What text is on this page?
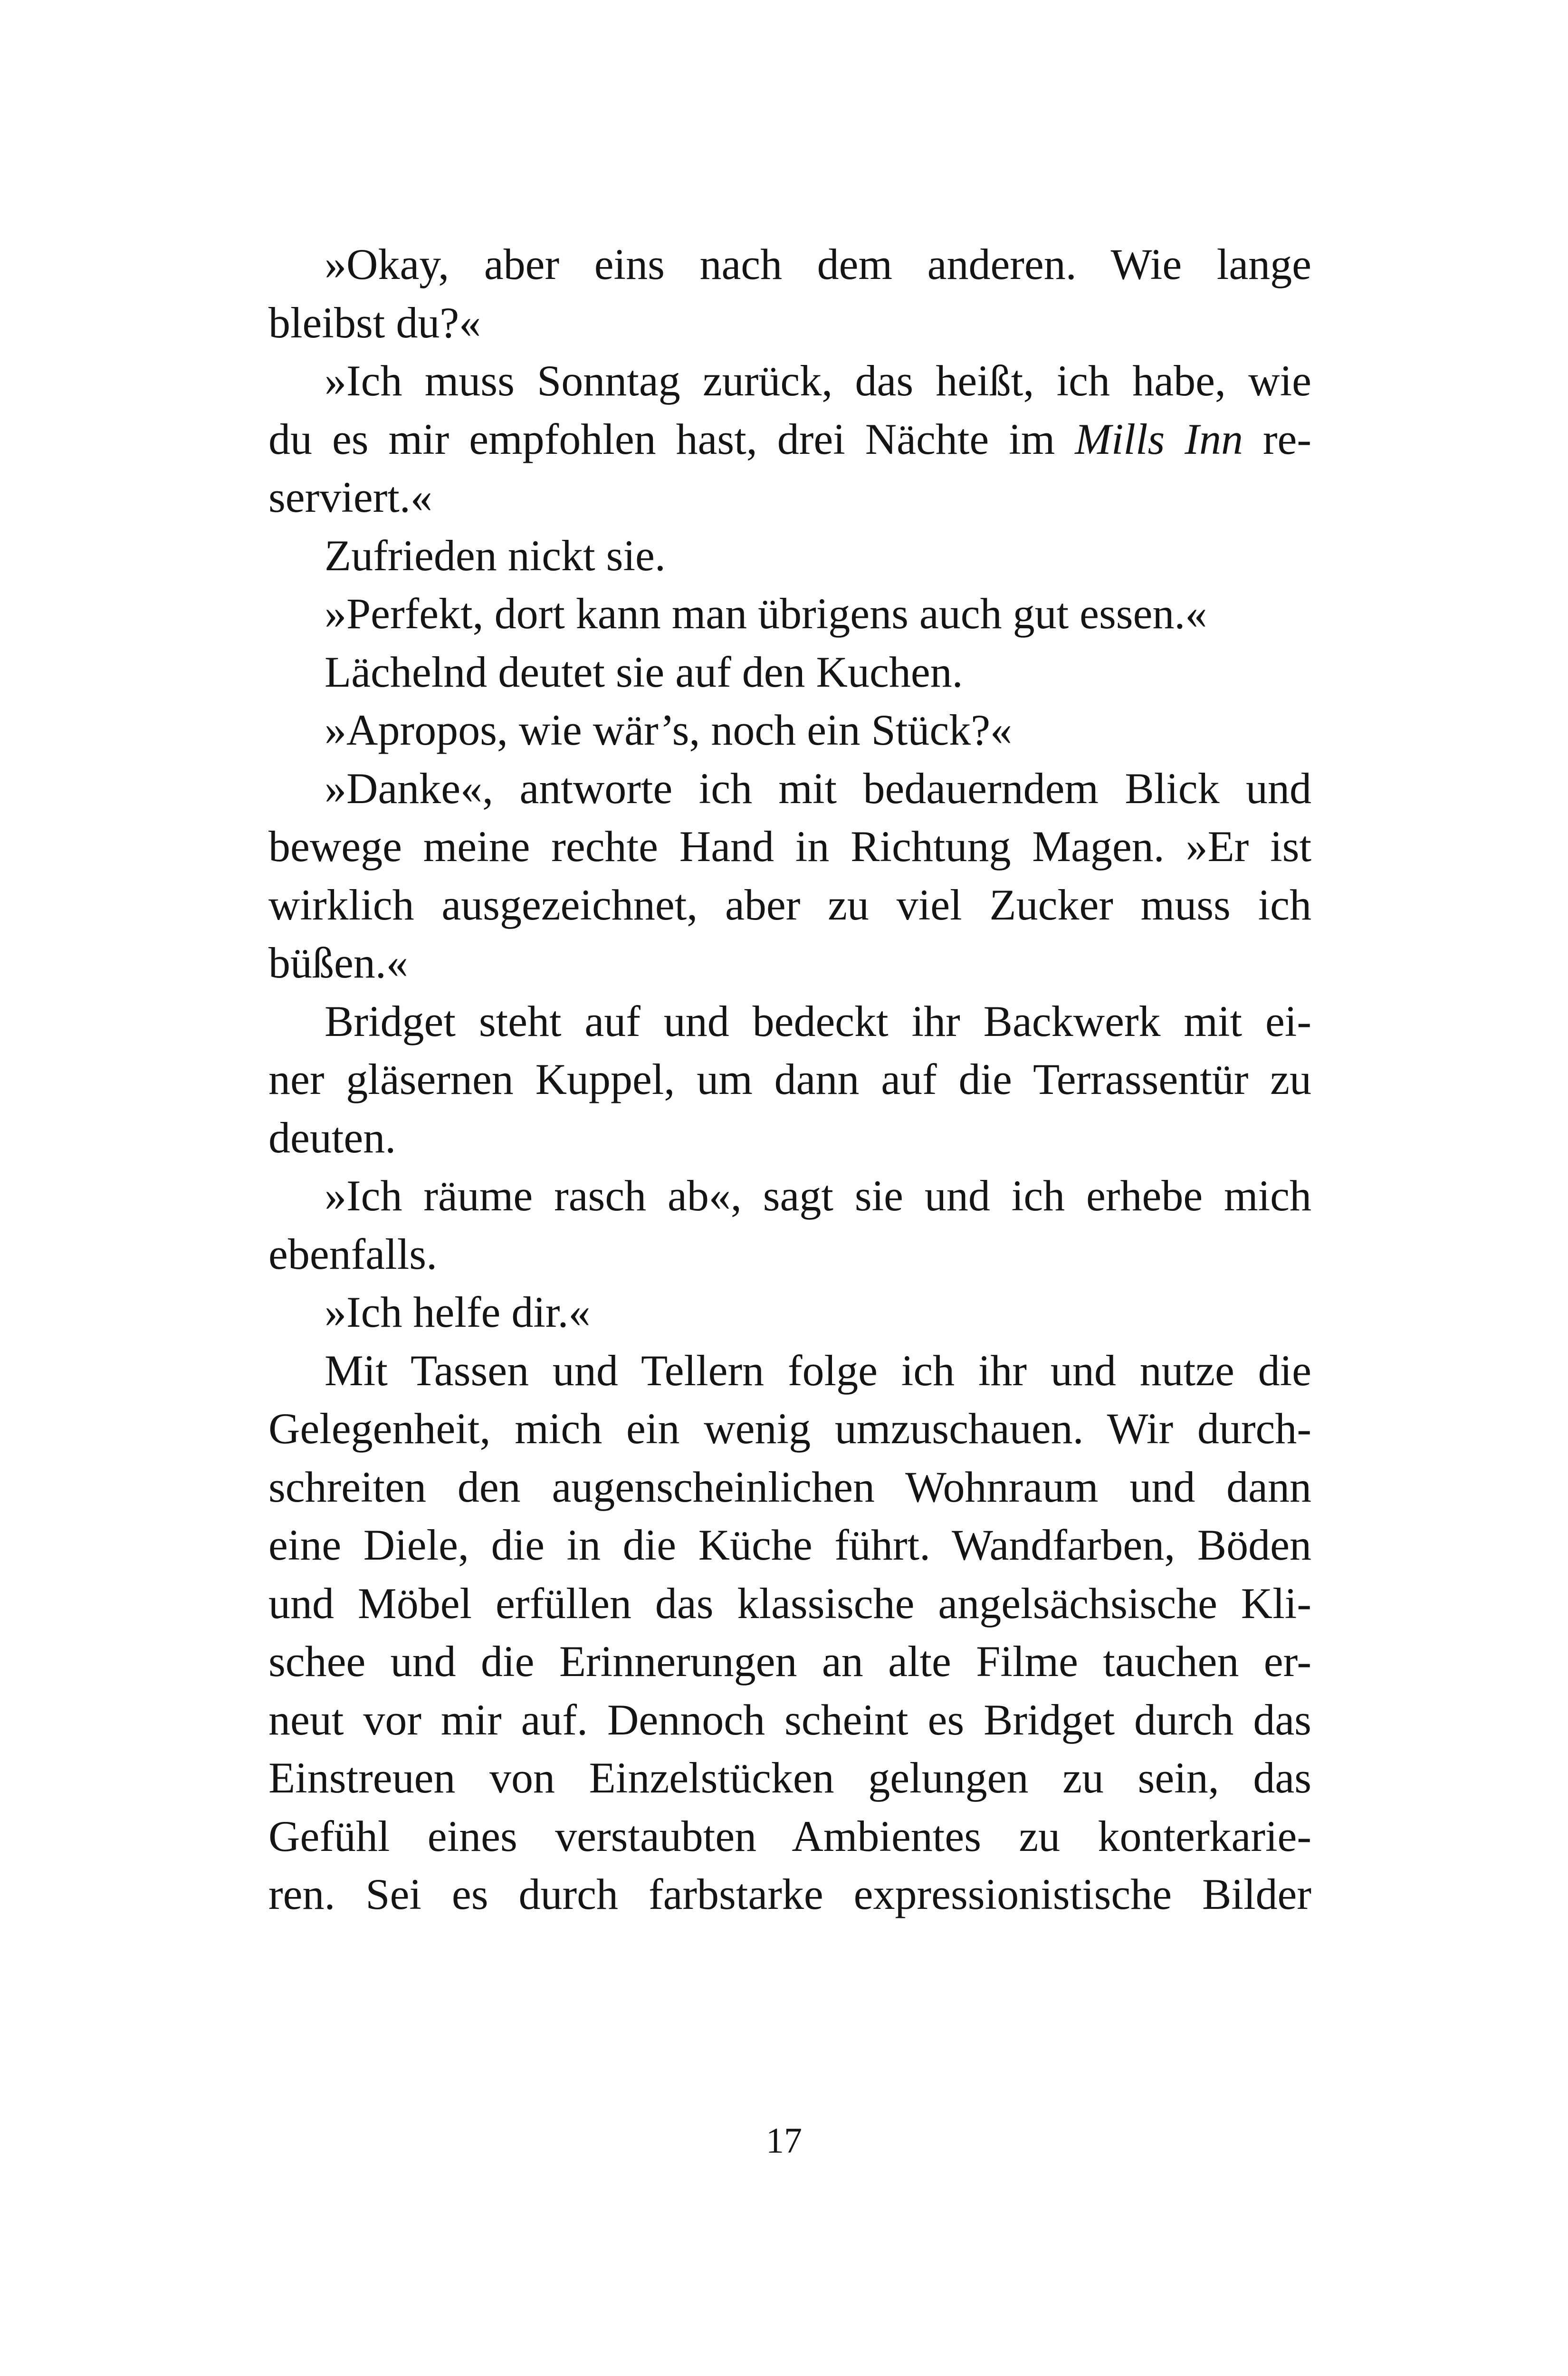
»Okay, aber eins nach dem anderen. Wie lange
bleibst du?«
»Ich muss Sonntag zurück, das heißt, ich habe, wie
du es mir empfohlen hast, drei Nächte im Mills Inn re-
serviert.«
Zufrieden nickt sie.
»Perfekt, dort kann man übrigens auch gut essen.«
Lächelnd deutet sie auf den Kuchen.
»Apropos, wie wär’s, noch ein Stück?«
»Danke«, antworte ich mit bedauerndem Blick und
bewege meine rechte Hand in Richtung Magen. »Er ist
wirklich ausgezeichnet, aber zu viel Zucker muss ich
büßen.«
Bridget steht auf und bedeckt ihr Backwerk mit ei-
ner gläsernen Kuppel, um dann auf die Terrassentür zu
deuten.
»Ich räume rasch ab«, sagt sie und ich erhebe mich
ebenfalls.
»Ich helfe dir.«
Mit Tassen und Tellern folge ich ihr und nutze die
Gelegenheit, mich ein wenig umzuschauen. Wir durch-
schreiten den augenscheinlichen Wohnraum und dann
eine Diele, die in die Küche führt. Wandfarben, Böden
und Möbel erfüllen das klassische angelsächsische Kli-
schee und die Erinnerungen an alte Filme tauchen er-
neut vor mir auf. Dennoch scheint es Bridget durch das
Einstreuen von Einzelstücken gelungen zu sein, das
Gefühl eines verstaubten Ambientes zu konterkarie-
ren. Sei es durch farbstarke expressionistische Bilder
17
